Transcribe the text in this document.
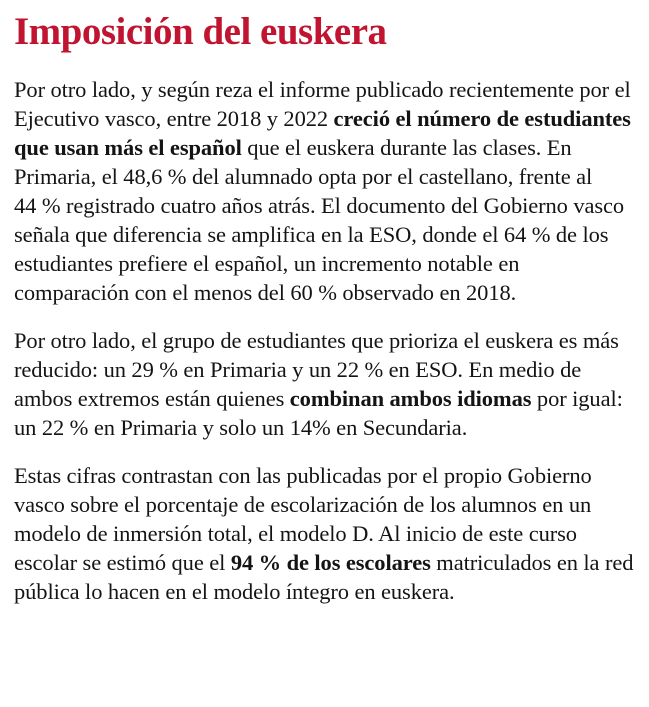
Imposición del euskera

Por otro lado, y según reza el informe publicado recientemente por el Ejecutivo vasco, entre 2018 y 2022 creció el número de estudiantes que usan más el español que el euskera durante las clases. En Primaria, el 48,6 % del alumnado opta por el castellano, frente al 44 % registrado cuatro años atrás. El documento del Gobierno vasco señala que diferencia se amplifica en la ESO, donde el 64 % de los estudiantes prefiere el español, un incremento notable en comparación con el menos del 60 % observado en 2018.

Por otro lado, el grupo de estudiantes que prioriza el euskera es más reducido: un 29 % en Primaria y un 22 % en ESO. En medio de ambos extremos están quienes combinan ambos idiomas por igual: un 22 % en Primaria y solo un 14% en Secundaria.

Estas cifras contrastan con las publicadas por el propio Gobierno vasco sobre el porcentaje de escolarización de los alumnos en un modelo de inmersión total, el modelo D. Al inicio de este curso escolar se estimó que el 94 % de los escolares matriculados en la red pública lo hacen en el modelo íntegro en euskera.
